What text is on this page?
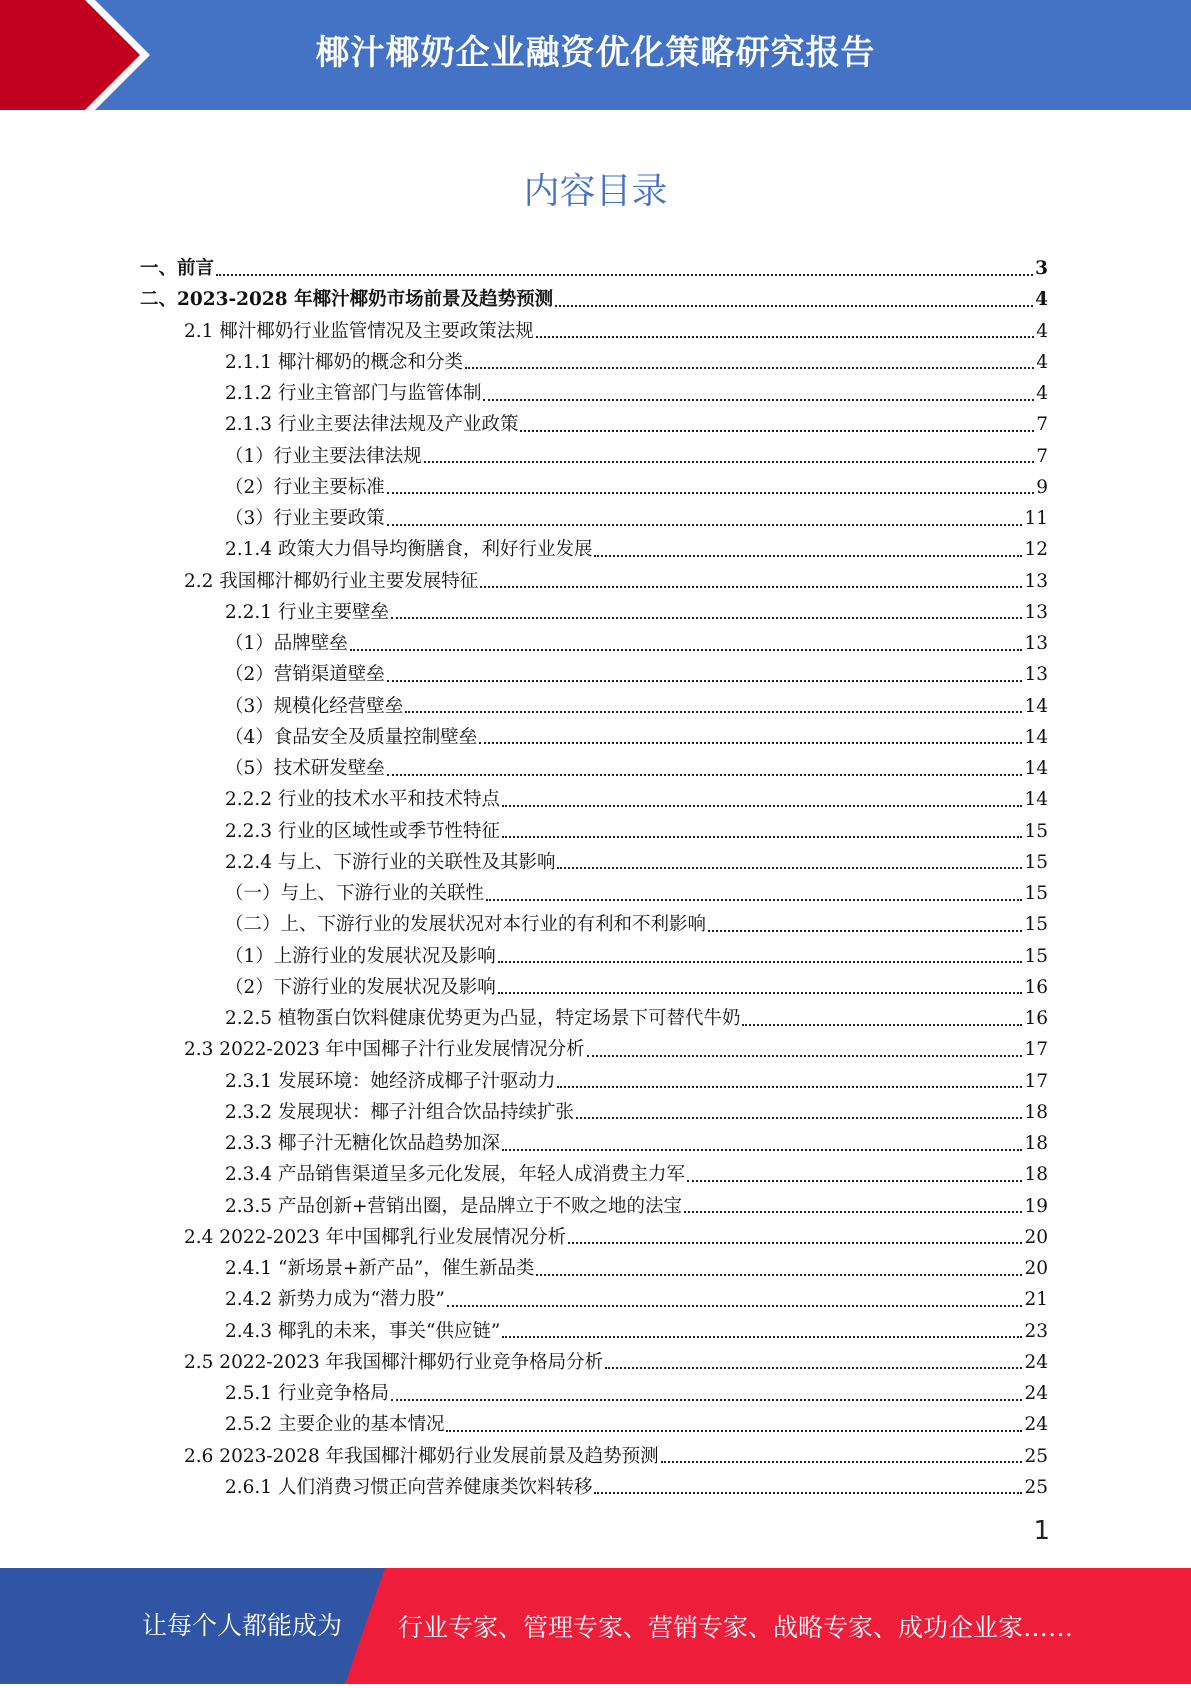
椰汁椰奶企业融资优化策略研究报告
内容目录
一、前言	3
二、2023-2028 年椰汁椰奶市场前景及趋势预测	4
2.1 椰汁椰奶行业监管情况及主要政策法规	4
2.1.1 椰汁椰奶的概念和分类	4
2.1.2 行业主管部门与监管体制	4
2.1.3 行业主要法律法规及产业政策	7
（1）行业主要法律法规	7
（2）行业主要标准	9
（3）行业主要政策	11
2.1.4 政策大力倡导均衡膳食，利好行业发展	12
2.2 我国椰汁椰奶行业主要发展特征	13
2.2.1 行业主要壁垒	13
（1）品牌壁垒	13
（2）营销渠道壁垒	13
（3）规模化经营壁垒	14
（4）食品安全及质量控制壁垒	14
（5）技术研发壁垒	14
2.2.2 行业的技术水平和技术特点	14
2.2.3 行业的区域性或季节性特征	15
2.2.4 与上、下游行业的关联性及其影响	15
（一）与上、下游行业的关联性	15
（二）上、下游行业的发展状况对本行业的有利和不利影响	15
（1）上游行业的发展状况及影响	15
（2）下游行业的发展状况及影响	16
2.2.5 植物蛋白饮料健康优势更为凸显，特定场景下可替代牛奶	16
2.3 2022-2023 年中国椰子汁行业发展情况分析	17
2.3.1 发展环境：她经济成椰子汁驱动力	17
2.3.2 发展现状：椰子汁组合饮品持续扩张	18
2.3.3 椰子汁无糖化饮品趋势加深	18
2.3.4 产品销售渠道呈多元化发展，年轻人成消费主力军	18
2.3.5 产品创新+营销出圈，是品牌立于不败之地的法宝	19
2.4 2022-2023 年中国椰乳行业发展情况分析	20
2.4.1 “新场景+新产品”，催生新品类	20
2.4.2 新势力成为“潜力股”	21
2.4.3 椰乳的未来，事关“供应链”	23
2.5 2022-2023 年我国椰汁椰奶行业竞争格局分析	24
2.5.1 行业竞争格局	24
2.5.2 主要企业的基本情况	24
2.6 2023-2028 年我国椰汁椰奶行业发展前景及趋势预测	25
2.6.1 人们消费习惯正向营养健康类饮料转移	25
1
让每个人都能成为 行业专家、管理专家、营销专家、战略专家、成功企业家……
